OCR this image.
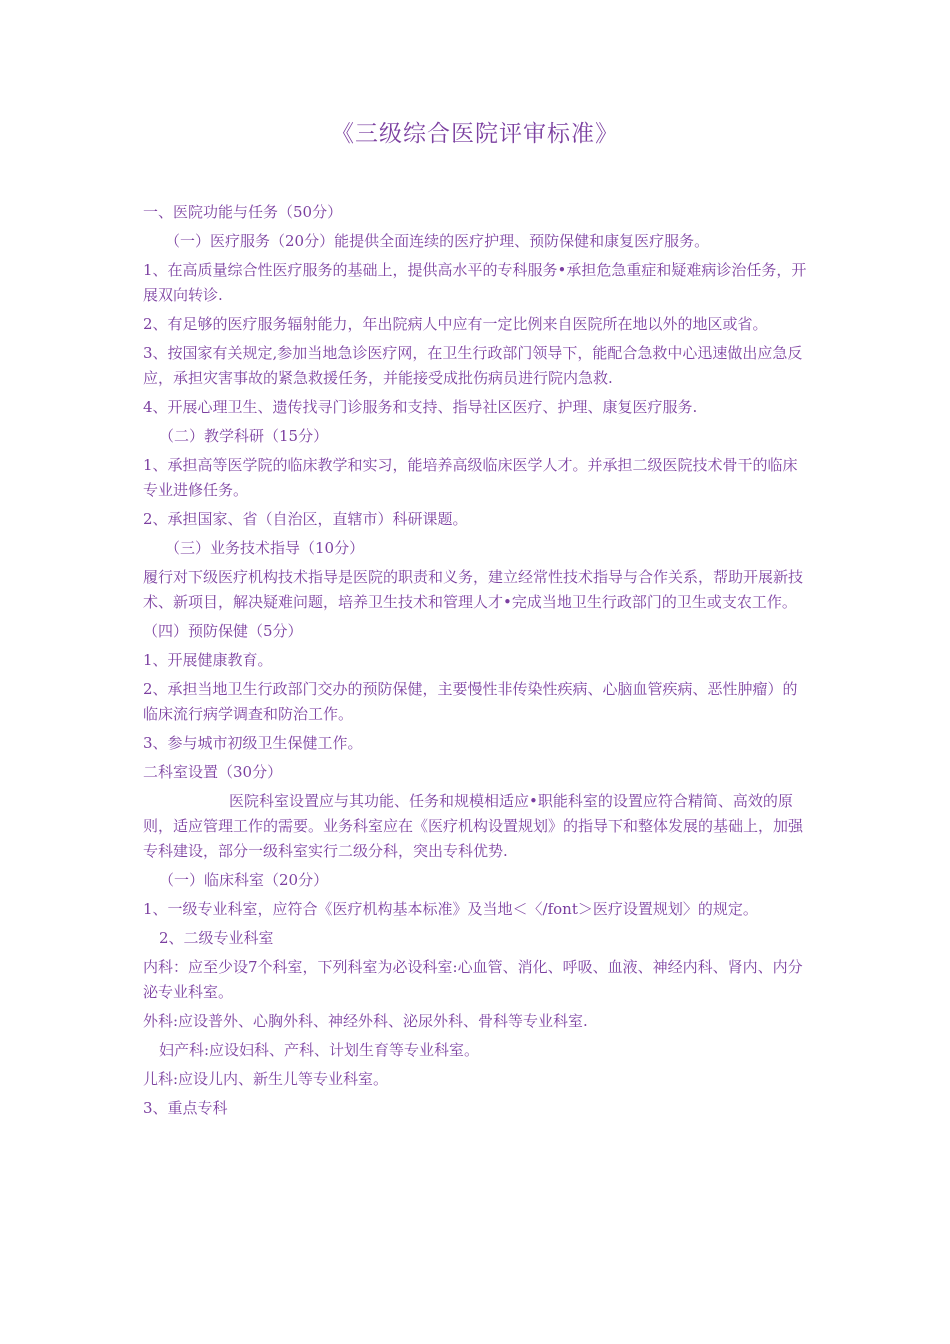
《三级综合医院评审标准》
一、医院功能与任务（50分）
（一）医疗服务（20分）能提供全面连续的医疗护理、预防保健和康复医疗服务。
1、在高质量综合性医疗服务的基础上，提供高水平的专科服务•承担危急重症和疑难病诊治任务，开展双向转诊.
2、有足够的医疗服务辐射能力，年出院病人中应有一定比例来自医院所在地以外的地区或省。
3、按国家有关规定,参加当地急诊医疗网，在卫生行政部门领导下，能配合急救中心迅速做出应急反应，承担灾害事故的紧急救援任务，并能接受成批伤病员进行院内急救.
4、开展心理卫生、遗传找寻门诊服务和支持、指导社区医疗、护理、康复医疗服务.
（二）教学科研（15分）
1、承担高等医学院的临床教学和实习，能培养高级临床医学人才。并承担二级医院技术骨干的临床专业进修任务。
2、承担国家、省（自治区，直辖市）科研课题。
（三）业务技术指导（10分）
履行对下级医疗机构技术指导是医院的职责和义务，建立经常性技术指导与合作关系，帮助开展新技术、新项目，解决疑难问题，培养卫生技术和管理人才•完成当地卫生行政部门的卫生或支农工作。
（四）预防保健（5分）
1、开展健康教育。
2、承担当地卫生行政部门交办的预防保健，主要慢性非传染性疾病、心脑血管疾病、恶性肿瘤）的临床流行病学调查和防治工作。
3、参与城市初级卫生保健工作。
二科室设置（30分）
医院科室设置应与其功能、任务和规模相适应•职能科室的设置应符合精简、高效的原则，适应管理工作的需要。业务科室应在《医疗机构设置规划》的指导下和整体发展的基础上，加强专科建设，部分一级科室实行二级分科，突出专科优势.
（一）临床科室（20分）
1、一级专业科室，应符合《医疗机构基本标准》及当地＜〈/font＞医疗设置规划〉的规定。
2、二级专业科室
内科：应至少设7个科室，下列科室为必设科室:心血管、消化、呼吸、血液、神经内科、肾内、内分泌专业科室。
外科:应设普外、心胸外科、神经外科、泌尿外科、骨科等专业科室.
妇产科:应设妇科、产科、计划生育等专业科室。
儿科:应设儿内、新生儿等专业科室。
3、重点专科
